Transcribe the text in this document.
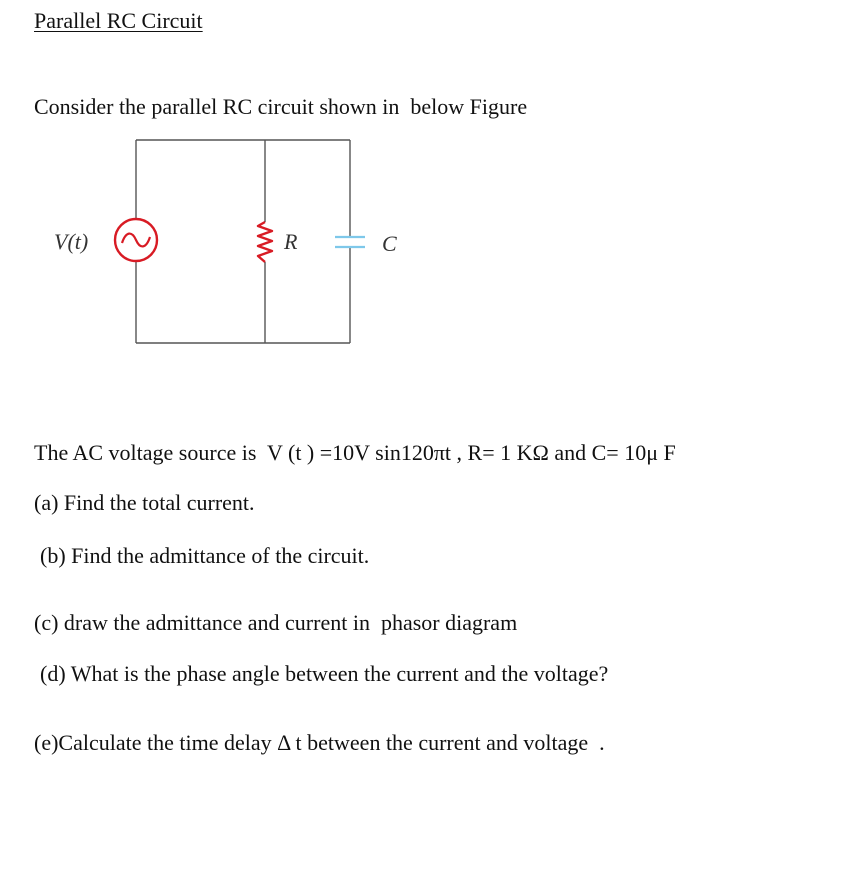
Parallel RC Circuit

Consider the parallel RC circuit shown in  below Figure

V(t)	R	C

The AC voltage source is  V (t ) =10V sin120πt , R= 1 KΩ and C= 10μ F

(a) Find the total current.

(b) Find the admittance of the circuit.

(c) draw the admittance and current in  phasor diagram

(d) What is the phase angle between the current and the voltage?

(e)Calculate the time delay Δ t between the current and voltage  .
